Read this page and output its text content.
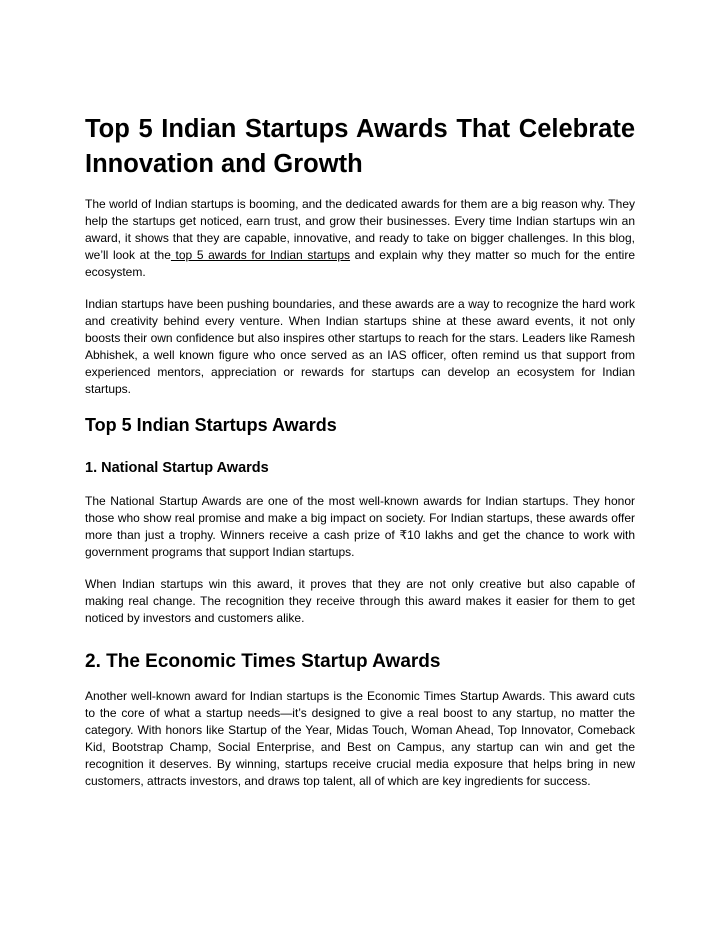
Top 5 Indian Startups Awards That Celebrate Innovation and Growth

The world of Indian startups is booming, and the dedicated awards for them are a big reason why. They help the startups get noticed, earn trust, and grow their businesses. Every time Indian startups win an award, it shows that they are capable, innovative, and ready to take on bigger challenges. In this blog, we’ll look at the top 5 awards for Indian startups and explain why they matter so much for the entire ecosystem.

Indian startups have been pushing boundaries, and these awards are a way to recognize the hard work and creativity behind every venture. When Indian startups shine at these award events, it not only boosts their own confidence but also inspires other startups to reach for the stars. Leaders like Ramesh Abhishek, a well known figure who once served as an IAS officer, often remind us that support from experienced mentors, appreciation or rewards for startups can develop an ecosystem for Indian startups.

Top 5 Indian Startups Awards
1. National Startup Awards

The National Startup Awards are one of the most well-known awards for Indian startups. They honor those who show real promise and make a big impact on society. For Indian startups, these awards offer more than just a trophy. Winners receive a cash prize of ₹10 lakhs and get the chance to work with government programs that support Indian startups.

When Indian startups win this award, it proves that they are not only creative but also capable of making real change. The recognition they receive through this award makes it easier for them to get noticed by investors and customers alike.

2. The Economic Times Startup Awards

Another well-known award for Indian startups is the Economic Times Startup Awards. This award cuts to the core of what a startup needs—it’s designed to give a real boost to any startup, no matter the category. With honors like Startup of the Year, Midas Touch, Woman Ahead, Top Innovator, Comeback Kid, Bootstrap Champ, Social Enterprise, and Best on Campus, any startup can win and get the recognition it deserves. By winning, startups receive crucial media exposure that helps bring in new customers, attracts investors, and draws top talent, all of which are key ingredients for success.
